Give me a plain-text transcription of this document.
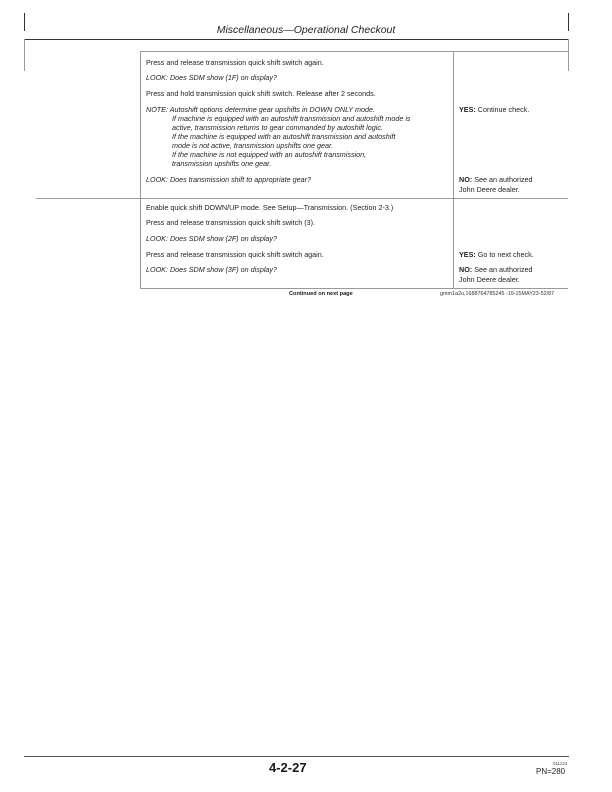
Miscellaneous—Operational Checkout
Press and release transmission quick shift switch again.
LOOK: Does SDM show (1F) on display?
Press and hold transmission quick shift switch. Release after 2 seconds.
NOTE: Autoshift options determine gear upshifts in DOWN ONLY mode.
If machine is equipped with an autoshift transmission and autoshift mode is
active, transmission returns to gear commanded by autoshift logic.
If the machine is equipped with an autoshift transmission and autoshift
mode is not active, transmission upshifts one gear.
If the machine is not equipped with an autoshift transmission,
transmission upshifts one gear.
LOOK: Does transmission shift to appropriate gear?
Enable quick shift DOWN/UP mode. See Setup—Transmission. (Section 2-3.)
Press and release transmission quick shift switch (3).
LOOK: Does SDM show (2F) on display?
Press and release transmission quick shift switch again.
LOOK: Does SDM show (3F) on display?
YES: Continue check.
NO: See an authorized
John Deere dealer.
YES: Go to next check.
NO: See an authorized
John Deere dealer.
Continued on next page	gmm1a2u,1688764785245 -19-15MAY23-52/87
4-2-27	011224
PN=280
